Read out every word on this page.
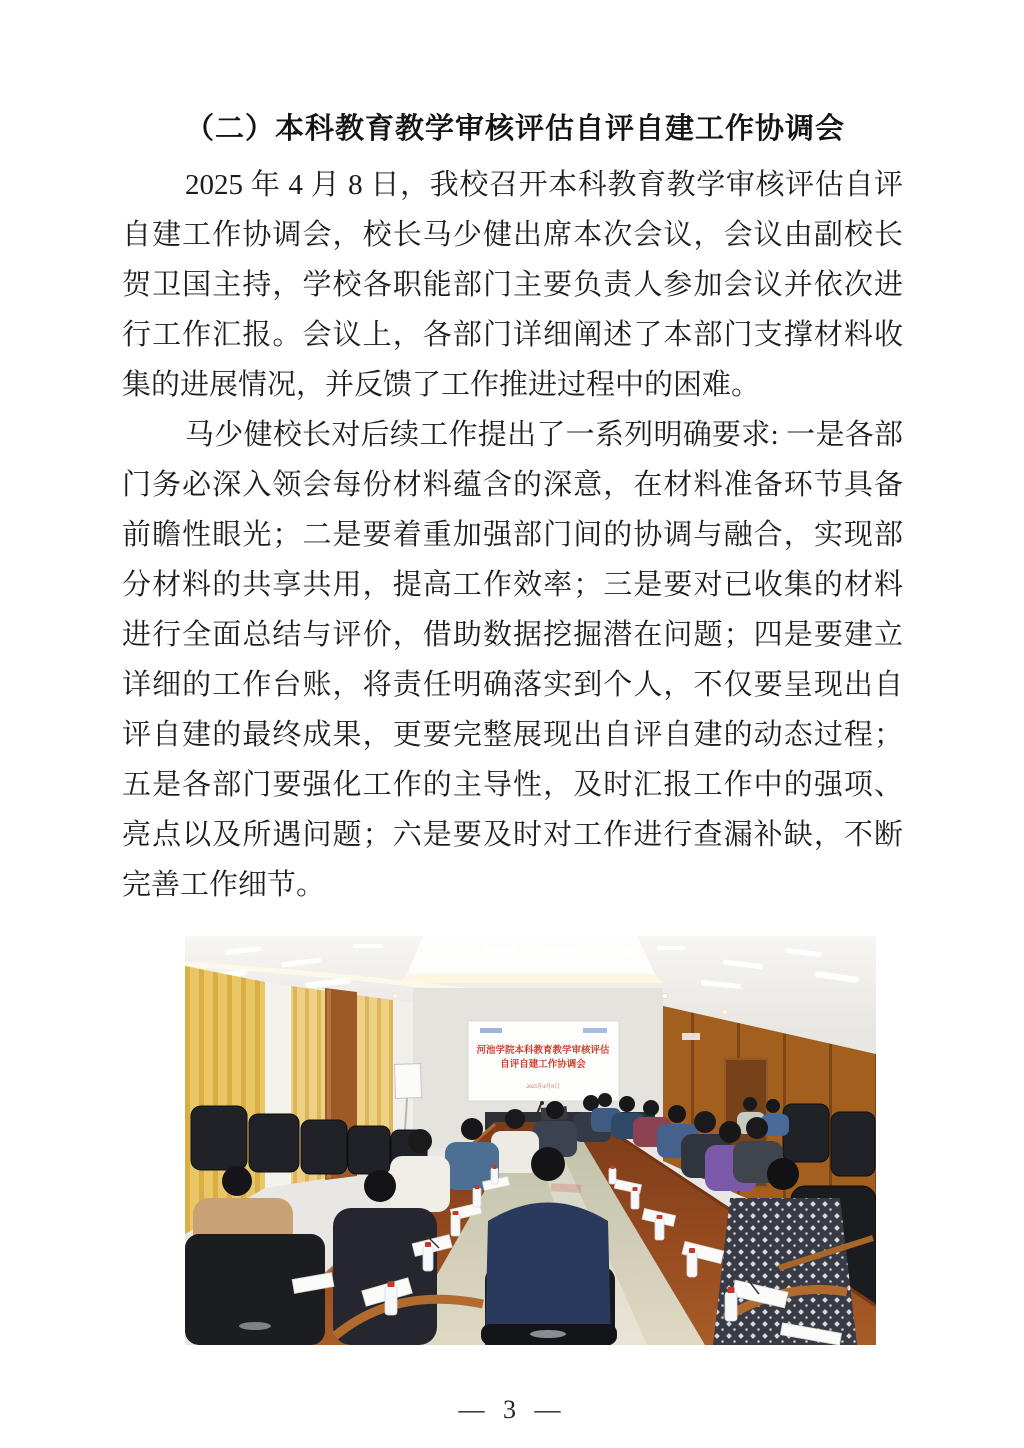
（二）本科教育教学审核评估自评自建工作协调会

2025 年 4 月 8 日，我校召开本科教育教学审核评估自评自建工作协调会，校长马少健出席本次会议，会议由副校长贺卫国主持，学校各职能部门主要负责人参加会议并依次进行工作汇报。会议上，各部门详细阐述了本部门支撑材料收集的进展情况，并反馈了工作推进过程中的困难。

马少健校长对后续工作提出了一系列明确要求: 一是各部门务必深入领会每份材料蕴含的深意，在材料准备环节具备前瞻性眼光；二是要着重加强部门间的协调与融合，实现部分材料的共享共用，提高工作效率；三是要对已收集的材料进行全面总结与评价，借助数据挖掘潜在问题；四是要建立详细的工作台账，将责任明确落实到个人，不仅要呈现出自评自建的最终成果，更要完整展现出自评自建的动态过程；五是各部门要强化工作的主导性，及时汇报工作中的强项、亮点以及所遇问题；六是要及时对工作进行查漏补缺，不断完善工作细节。

河池学院本科教育教学审核评估
自评自建工作协调会
2025年4月8日
— 3 —
